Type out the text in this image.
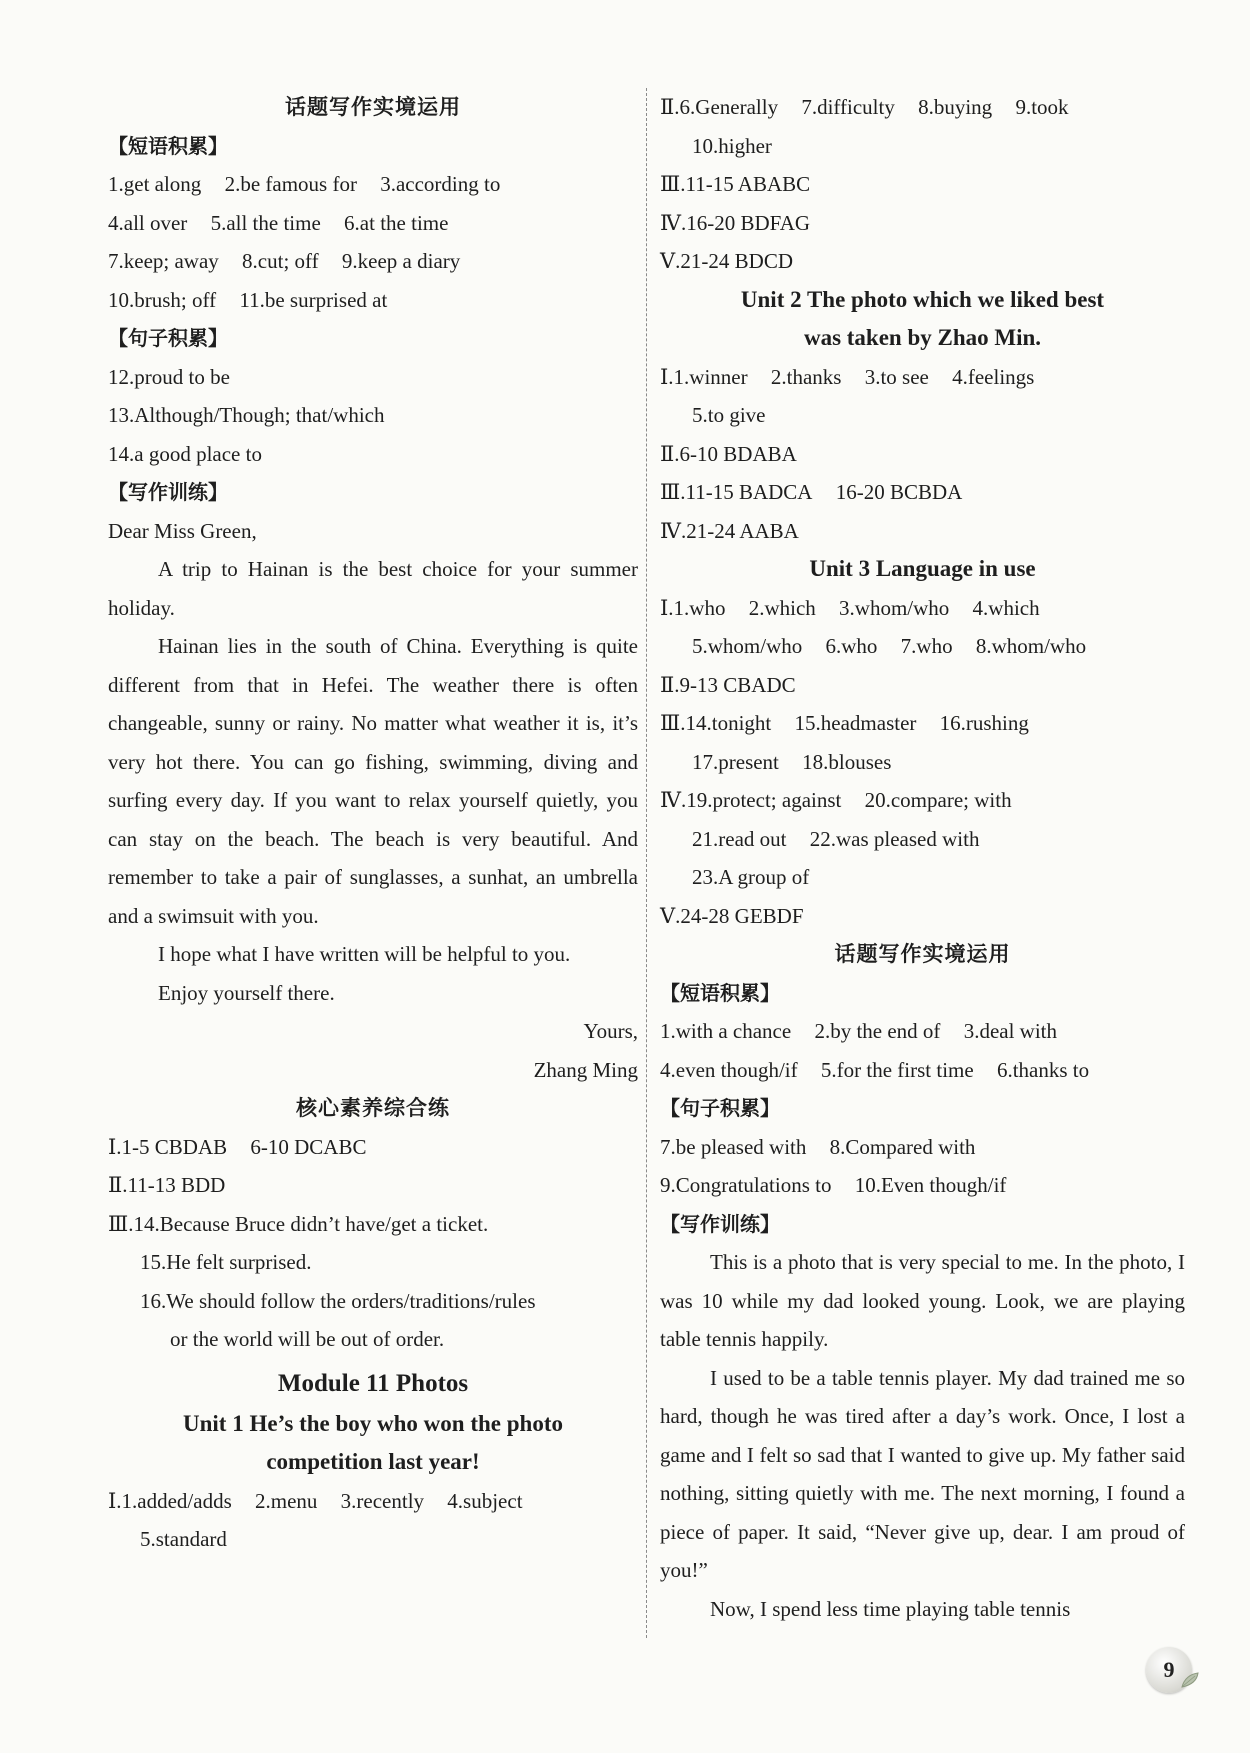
话题写作实境运用
【短语积累】
1.get along 2.be famous for 3.according to
4.all over 5.all the time 6.at the time
7.keep; away 8.cut; off 9.keep a diary
10.brush; off 11.be surprised at
【句子积累】
12.proud to be
13.Although/Though; that/which
14.a good place to
【写作训练】
Dear Miss Green,
A trip to Hainan is the best choice for your summer holiday.
Hainan lies in the south of China. Everything is quite different from that in Hefei. The weather there is often changeable, sunny or rainy. No matter what weather it is, it’s very hot there. You can go fishing, swimming, diving and surfing every day. If you want to relax yourself quietly, you can stay on the beach. The beach is very beautiful. And remember to take a pair of sunglasses, a sunhat, an umbrella and a swimsuit with you.
I hope what I have written will be helpful to you.
Enjoy yourself there.
Yours,
Zhang Ming
核心素养综合练
Ⅰ.1-5 CBDAB 6-10 DCABC
Ⅱ.11-13 BDD
Ⅲ.14.Because Bruce didn’t have/get a ticket.
15.He felt surprised.
16.We should follow the orders/traditions/rules
or the world will be out of order.
Module 11 Photos
Unit 1 He’s the boy who won the photo
competition last year!
Ⅰ.1.added/adds 2.menu 3.recently 4.subject
5.standard
Ⅱ.6.Generally 7.difficulty 8.buying 9.took
10.higher
Ⅲ.11-15 ABABC
Ⅳ.16-20 BDFAG
Ⅴ.21-24 BDCD
Unit 2 The photo which we liked best
was taken by Zhao Min.
Ⅰ.1.winner 2.thanks 3.to see 4.feelings
5.to give
Ⅱ.6-10 BDABA
Ⅲ.11-15 BADCA 16-20 BCBDA
Ⅳ.21-24 AABA
Unit 3 Language in use
Ⅰ.1.who 2.which 3.whom/who 4.which
5.whom/who 6.who 7.who 8.whom/who
Ⅱ.9-13 CBADC
Ⅲ.14.tonight 15.headmaster 16.rushing
17.present 18.blouses
Ⅳ.19.protect; against 20.compare; with
21.read out 22.was pleased with
23.A group of
Ⅴ.24-28 GEBDF
话题写作实境运用
【短语积累】
1.with a chance 2.by the end of 3.deal with
4.even though/if 5.for the first time 6.thanks to
【句子积累】
7.be pleased with 8.Compared with
9.Congratulations to 10.Even though/if
【写作训练】
This is a photo that is very special to me. In the photo, I was 10 while my dad looked young. Look, we are playing table tennis happily.
I used to be a table tennis player. My dad trained me so hard, though he was tired after a day’s work. Once, I lost a game and I felt so sad that I wanted to give up. My father said nothing, sitting quietly with me. The next morning, I found a piece of paper. It said, “Never give up, dear. I am proud of you!”
Now, I spend less time playing table tennis
9
